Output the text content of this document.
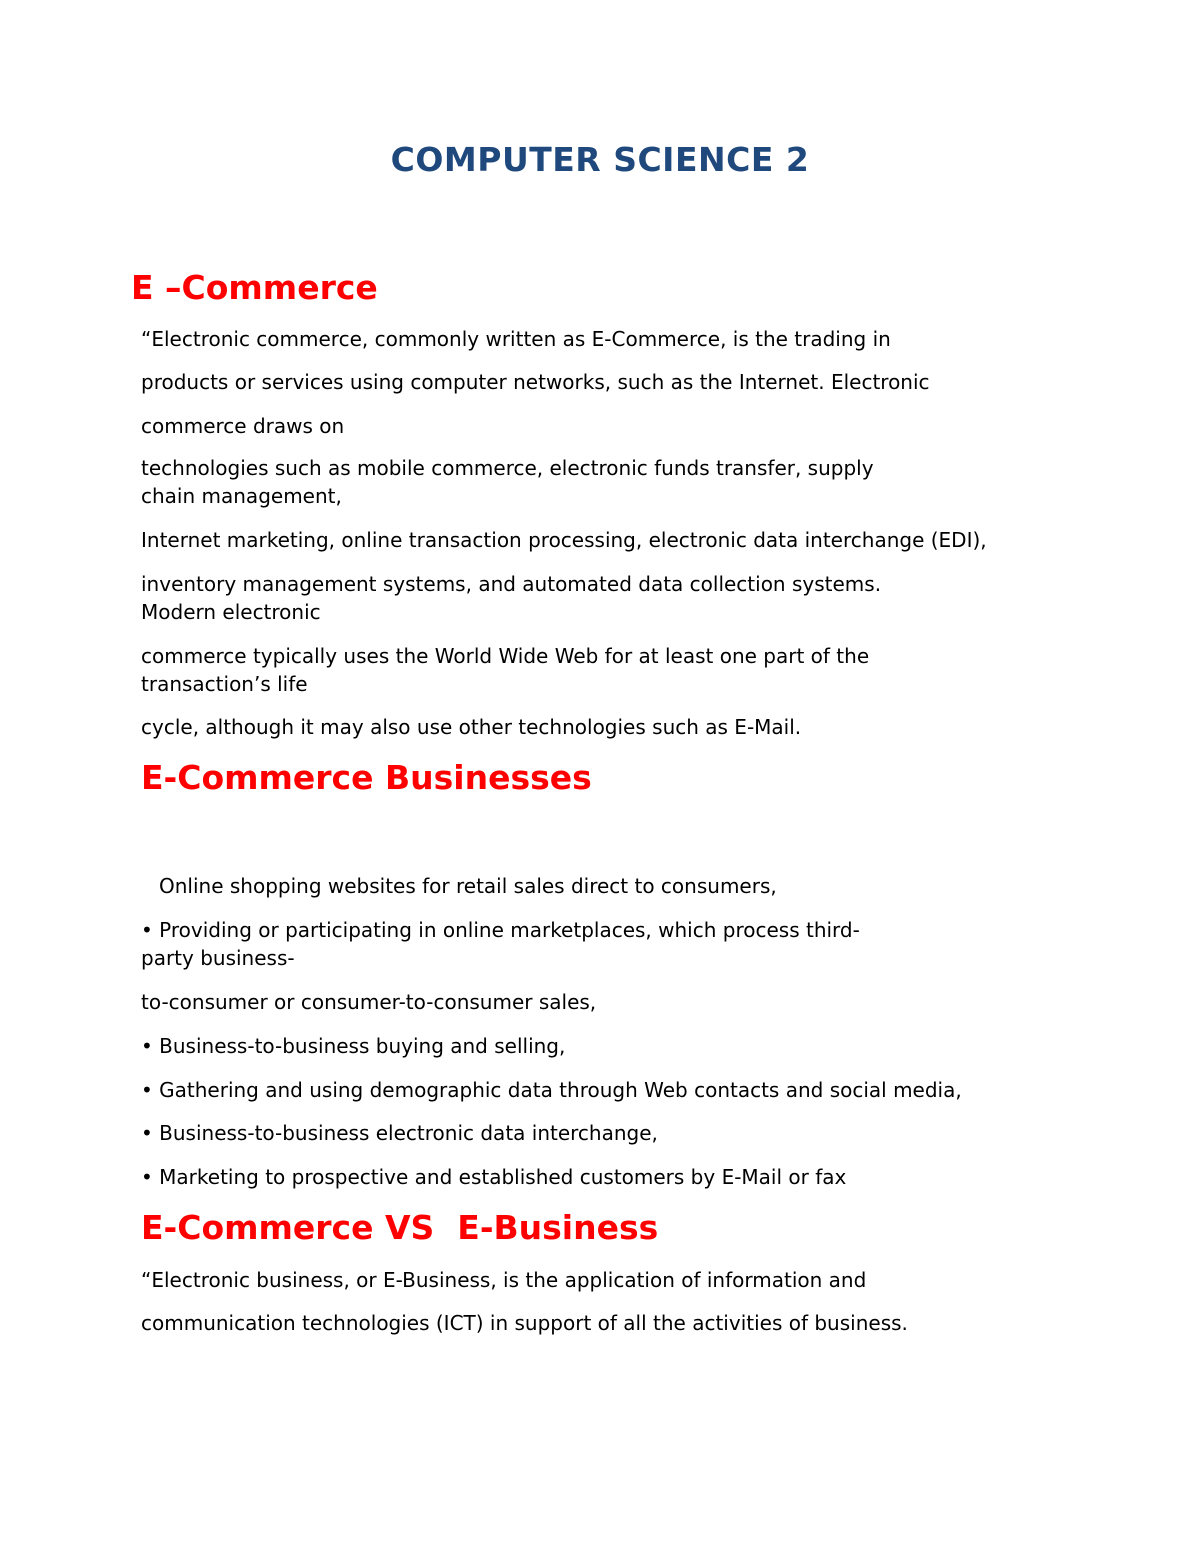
COMPUTER SCIENCE 2
E –Commerce
“Electronic commerce, commonly written as E-Commerce, is the trading in
products or services using computer networks, such as the Internet. Electronic
commerce draws on
technologies such as mobile commerce, electronic funds transfer, supply
chain management,
Internet marketing, online transaction processing, electronic data interchange (EDI),
inventory management systems, and automated data collection systems.
Modern electronic
commerce typically uses the World Wide Web for at least one part of the
transaction’s life
cycle, although it may also use other technologies such as E-Mail.
E-Commerce Businesses
Online shopping websites for retail sales direct to consumers,
• Providing or participating in online marketplaces, which process third-
party business-
to-consumer or consumer-to-consumer sales,
• Business-to-business buying and selling,
• Gathering and using demographic data through Web contacts and social media,
• Business-to-business electronic data interchange,
• Marketing to prospective and established customers by E-Mail or fax
E-Commerce VS  E-Business
“Electronic business, or E-Business, is the application of information and
communication technologies (ICT) in support of all the activities of business.
